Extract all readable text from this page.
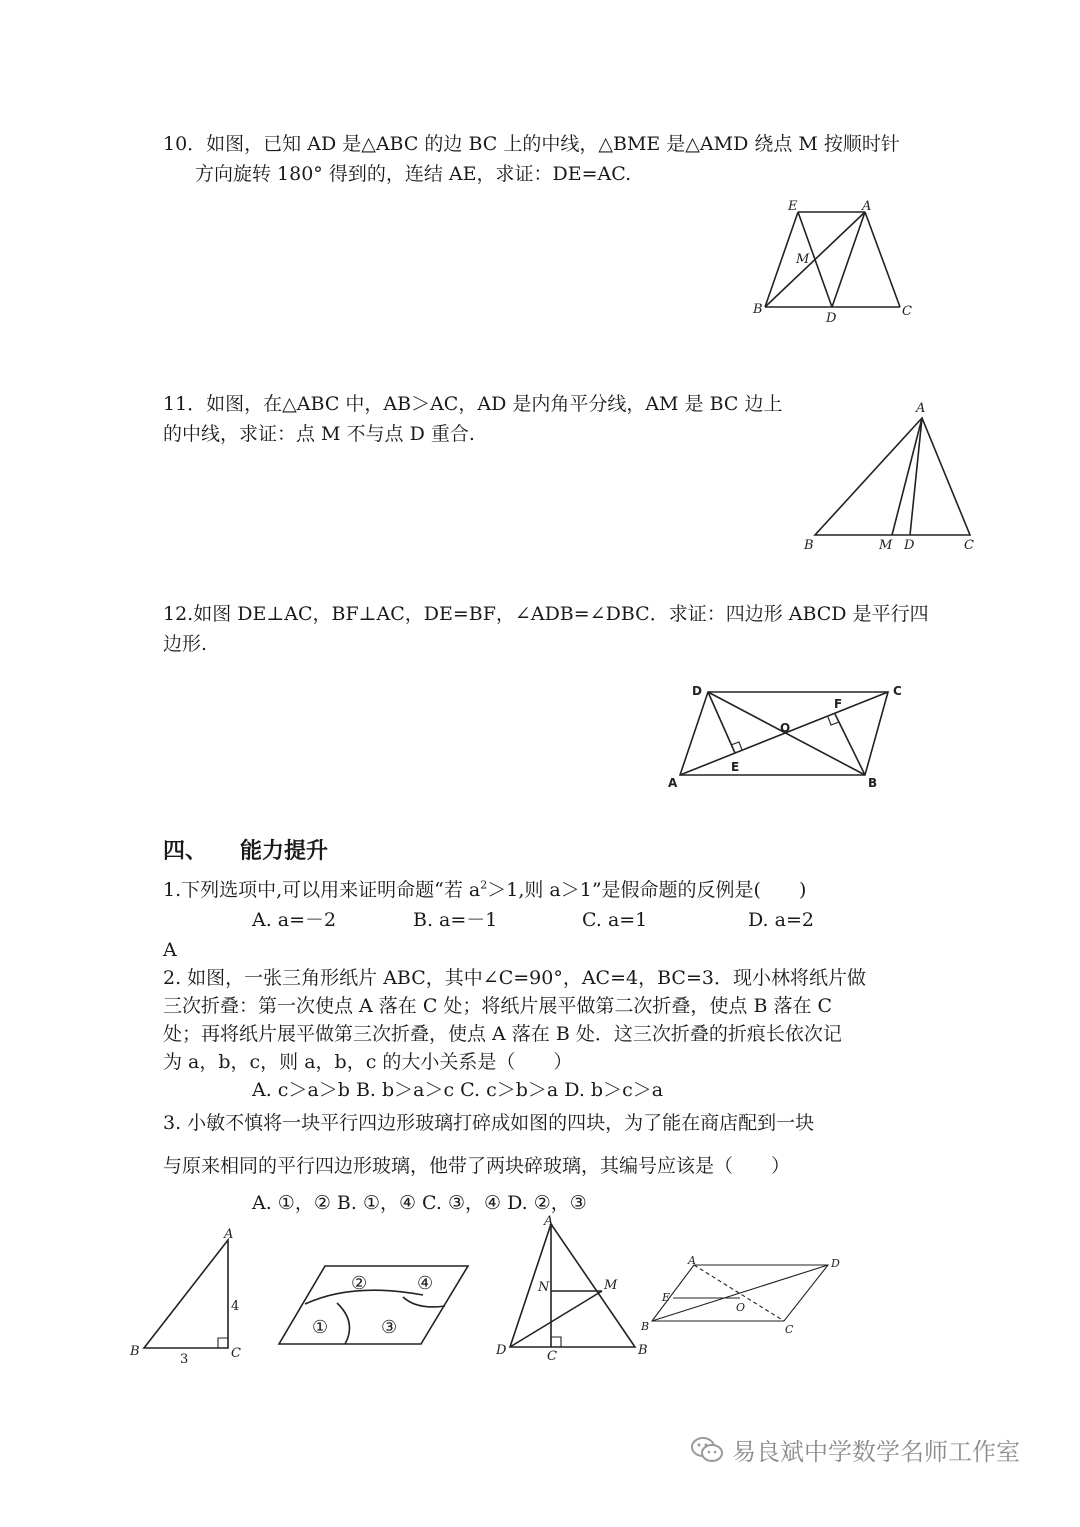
10．如图，已知 AD 是△ABC 的边 BC 上的中线，△BME 是△AMD 绕点 M 按顺时针
方向旋转 180° 得到的，连结 AE，求证：DE=AC.
E	A
M
B
D	C
11．如图，在△ABC 中，AB＞AC，AD 是内角平分线，AM 是 BC 边上
的中线，求证：点 M 不与点 D 重合.
A
B	M D	C
12.如图 DE⊥AC，BF⊥AC，DE=BF，∠ADB=∠DBC．求证：四边形 ABCD 是平行四
边形.
D	C
F
O
E
A	B
四、 能力提升
1.下列选项中,可以用来证明命题“若 $a^2>1$,则 a＞1”是假命题的反例是(　　)
A. a=－2	B. a=－1	C. a=1	D. a=2
A
2. 如图，一张三角形纸片 ABC，其中∠C=90°，AC=4，BC=3．现小林将纸片做
三次折叠：第一次使点 A 落在 C 处；将纸片展平做第二次折叠，使点 B 落在 C
处；再将纸片展平做第三次折叠，使点 A 落在 B 处．这三次折叠的折痕长依次记
为 a，b，c，则 a，b，c 的大小关系是（　　）
A. c＞a＞b B. b＞a＞c C. c＞b＞a D. b＞c＞a
3. 小敏不慎将一块平行四边形玻璃打碎成如图的四块，为了能在商店配到一块
与原来相同的平行四边形玻璃，他带了两块碎玻璃，其编号应该是（　　）
A. ①，② B. ①，④ C. ③，④ D. ②，③
A
B	C
4
3
②	④
①	③
A
N	M
D	C	B
A	D
E
O
B	C
易良斌中学数学名师工作室
